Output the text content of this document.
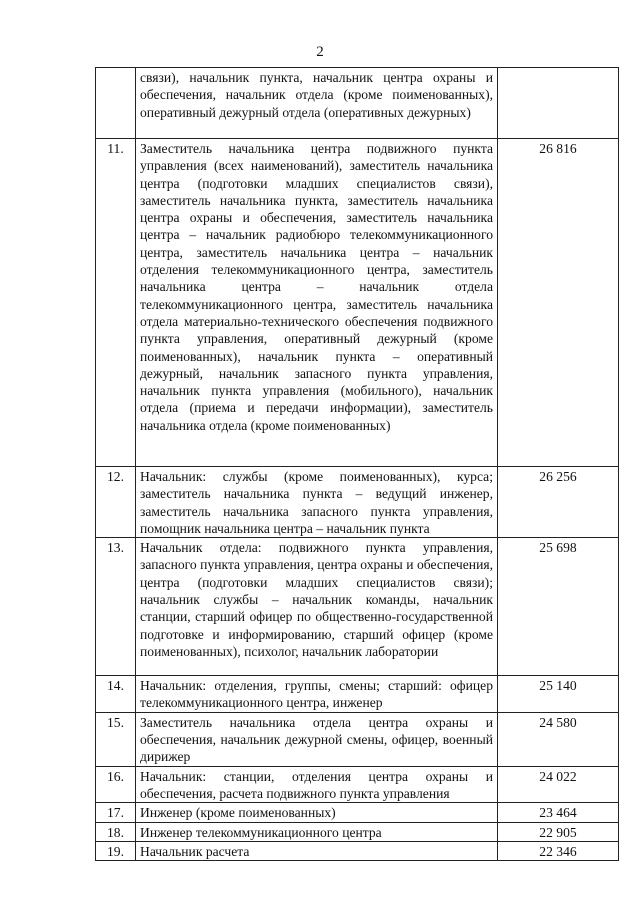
2
	связи), начальник пункта, начальник центра охраны и обеспечения, начальник отдела (кроме поименованных), оперативный дежурный отдела (оперативных дежурных)	
11.	Заместитель начальника центра подвижного пункта управления (всех наименований), заместитель начальника центра (подготовки младших специалистов связи), заместитель начальника пункта, заместитель начальника центра охраны и обеспечения, заместитель начальника центра – начальник радиобюро телекоммуникационного центра, заместитель начальника центра – начальник отделения телекоммуникационного центра, заместитель начальника центра – начальник отдела телекоммуникационного центра, заместитель начальника отдела материально-технического обеспечения подвижного пункта управления, оперативный дежурный (кроме поименованных), начальник пункта – оперативный дежурный, начальник запасного пункта управления, начальник пункта управления (мобильного), начальник отдела (приема и передачи информации), заместитель начальника отдела (кроме поименованных)	26 816
12.	Начальник: службы (кроме поименованных), курса; заместитель начальника пункта – ведущий инженер, заместитель начальника запасного пункта управления, помощник начальника центра – начальник пункта	26 256
13.	Начальник отдела: подвижного пункта управления, запасного пункта управления, центра охраны и обеспечения, центра (подготовки младших специалистов связи); начальник службы – начальник команды, начальник станции, старший офицер по общественно-государственной подготовке и информированию, старший офицер (кроме поименованных), психолог, начальник лаборатории	25 698
14.	Начальник: отделения, группы, смены; старший: офицер телекоммуникационного центра, инженер	25 140
15.	Заместитель начальника отдела центра охраны и обеспечения, начальник дежурной смены, офицер, военный дирижер	24 580
16.	Начальник: станции, отделения центра охраны и обеспечения, расчета подвижного пункта управления	24 022
17.	Инженер (кроме поименованных)	23 464
18.	Инженер телекоммуникационного центра	22 905
19.	Начальник расчета	22 346
